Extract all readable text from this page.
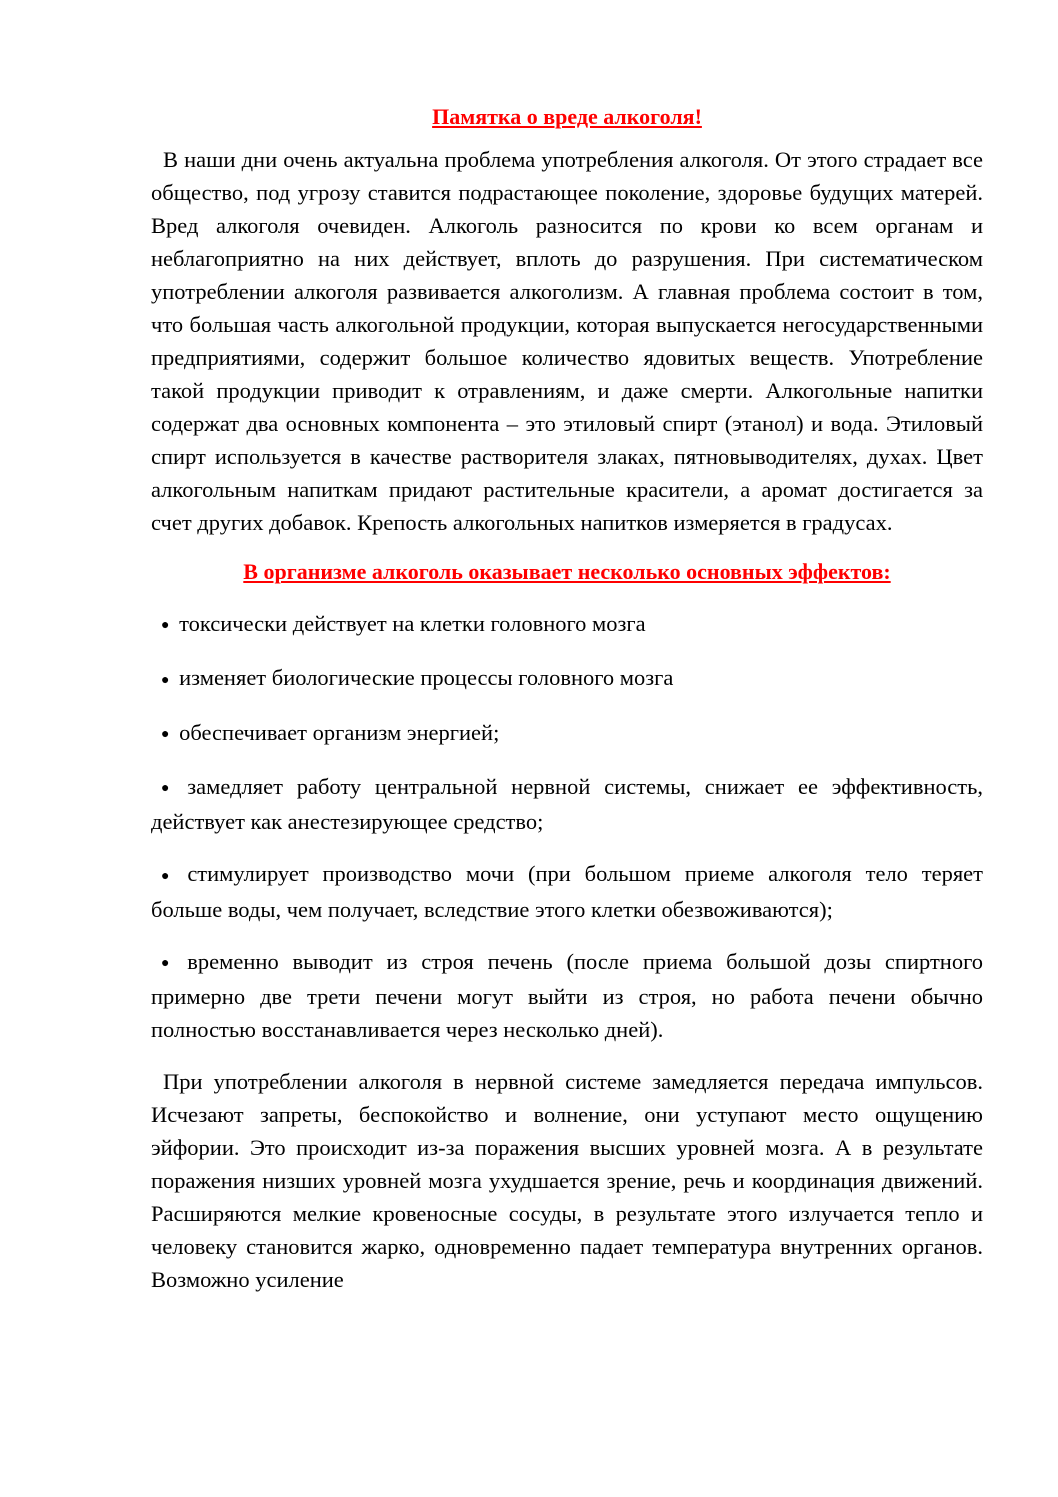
Памятка о вреде алкоголя!

В наши дни очень актуальна проблема употребления алкоголя. От этого страдает все общество, под угрозу ставится подрастающее поколение, здоровье будущих матерей. Вред алкоголя очевиден. Алкоголь разносится по крови ко всем органам и неблагоприятно на них действует, вплоть до разрушения. При систематическом употреблении алкоголя развивается алкоголизм. А главная проблема состоит в том, что большая часть алкогольной продукции, которая выпускается негосударственными предприятиями, содержит большое количество ядовитых веществ. Употребление такой продукции приводит к отравлениям, и даже смерти. Алкогольные напитки содержат два основных компонента – это этиловый спирт (этанол) и вода. Этиловый спирт используется в качестве растворителя злаках, пятновыводителях, духах. Цвет алкогольным напиткам придают растительные красители, а аромат достигается за счет других добавок. Крепость алкогольных напитков измеряется в градусах.

В организме алкоголь оказывает несколько основных эффектов:
● токсически действует на клетки головного мозга
● изменяет биологические процессы головного мозга
● обеспечивает организм энергией;
● замедляет работу центральной нервной системы, снижает ее эффективность, действует как анестезирующее средство;
● стимулирует производство мочи (при большом приеме алкоголя тело теряет больше воды, чем получает, вследствие этого клетки обезвоживаются);
● временно выводит из строя печень (после приема большой дозы спиртного примерно две трети печени могут выйти из строя, но работа печени обычно полностью восстанавливается через несколько дней).

При употреблении алкоголя в нервной системе замедляется передача импульсов. Исчезают запреты, беспокойство и волнение, они уступают место ощущению эйфории. Это происходит из-за поражения высших уровней мозга. А в результате поражения низших уровней мозга ухудшается зрение, речь и координация движений. Расширяются мелкие кровеносные сосуды, в результате этого излучается тепло и человеку становится жарко, одновременно падает температура внутренних органов. Возможно усиление
